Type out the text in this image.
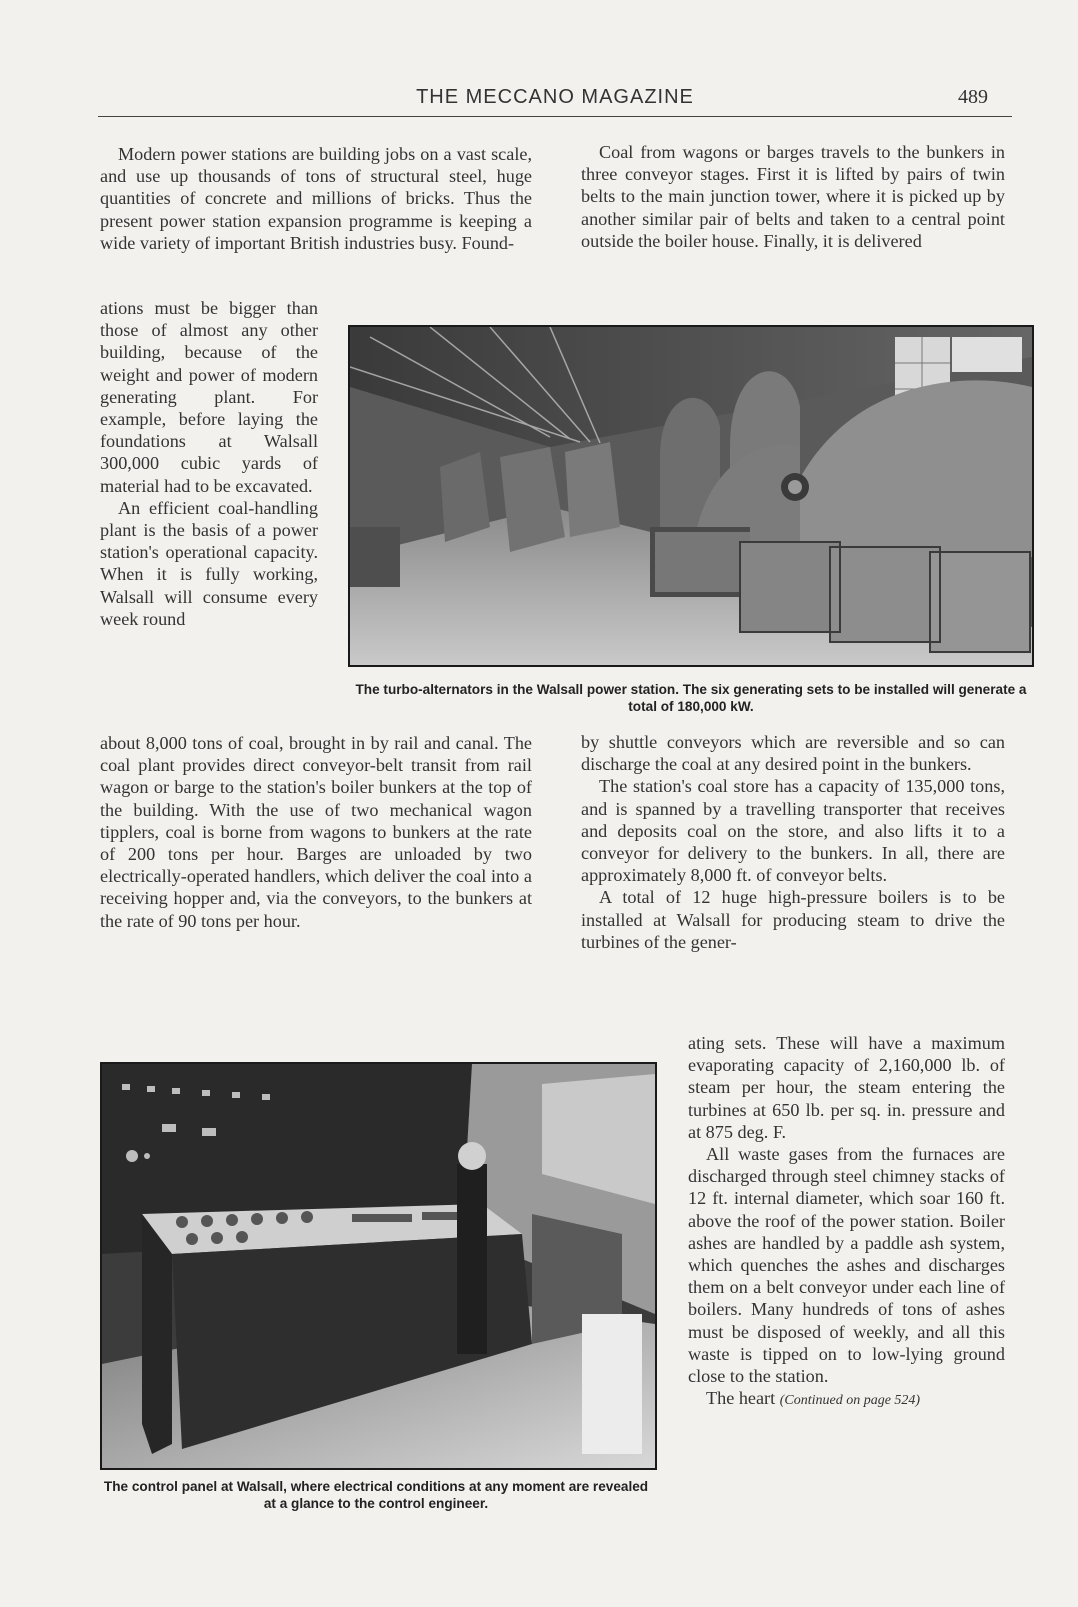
THE MECCANO MAGAZINE	489

Modern power stations are building jobs on a vast scale, and use up thousands of tons of structural steel, huge quantities of concrete and millions of bricks. Thus the present power station expansion programme is keeping a wide variety of important British industries busy. Found-

ations must be bigger than those of almost any other building, because of the weight and power of modern generating plant. For example, before laying the foundations at Walsall 300,000 cubic yards of material had to be excavated.

An efficient coal-handling plant is the basis of a power station's operational capacity. When it is fully working, Walsall will consume every week round

about 8,000 tons of coal, brought in by rail and canal. The coal plant provides direct conveyor-belt transit from rail wagon or barge to the station's boiler bunkers at the top of the building. With the use of two mechanical wagon tipplers, coal is borne from wagons to bunkers at the rate of 200 tons per hour. Barges are unloaded by two electrically-operated handlers, which deliver the coal into a receiving hopper and, via the conveyors, to the bunkers at the rate of 90 tons per hour.

Coal from wagons or barges travels to the bunkers in three conveyor stages. First it is lifted by pairs of twin belts to the main junction tower, where it is picked up by another similar pair of belts and taken to a central point outside the boiler house. Finally, it is delivered

by shuttle conveyors which are reversible and so can discharge the coal at any desired point in the bunkers.

The station's coal store has a capacity of 135,000 tons, and is spanned by a travelling transporter that receives and deposits coal on the store, and also lifts it to a conveyor for delivery to the bunkers. In all, there are approximately 8,000 ft. of conveyor belts.

A total of 12 huge high-pressure boilers is to be installed at Walsall for producing steam to drive the turbines of the gener-

ating sets. These will have a maximum evaporating capacity of 2,160,000 lb. of steam per hour, the steam entering the turbines at 650 lb. per sq. in. pressure and at 875 deg. F.

All waste gases from the furnaces are discharged through steel chimney stacks of 12 ft. internal diameter, which soar 160 ft. above the roof of the power station. Boiler ashes are handled by a paddle ash system, which quenches the ashes and discharges them on a belt conveyor under each line of boilers. Many hundreds of tons of ashes must be disposed of weekly, and all this waste is tipped on to low-lying ground close to the station.

The heart (Continued on page 524)

The turbo-alternators in the Walsall power station. The six generating sets to be installed will generate a total of 180,000 kW.
The control panel at Walsall, where electrical conditions at any moment are revealed at a glance to the control engineer.
